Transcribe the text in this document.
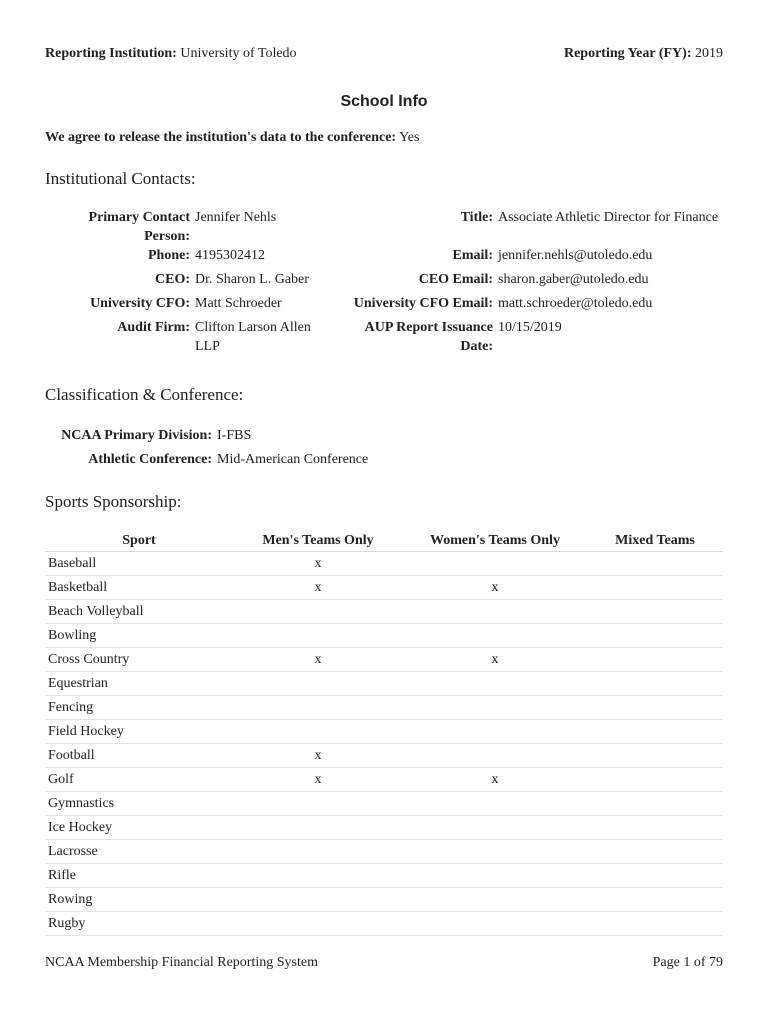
Reporting Institution: University of Toledo	Reporting Year (FY): 2019
School Info
We agree to release the institution's data to the conference: Yes
Institutional Contacts:
Primary Contact Person:
Jennifer Nehls	Title: Associate Athletic Director for Finance
Phone: 4195302412	Email: jennifer.nehls@utoledo.edu
CEO: Dr. Sharon L. Gaber	CEO Email: sharon.gaber@utoledo.edu
University CFO: Matt Schroeder	University CFO Email: matt.schroeder@toledo.edu
Audit Firm: Clifton Larson Allen LLP
AUP Report Issuance Date:
10/15/2019
Classification & Conference:
NCAA Primary Division: I-FBS
Athletic Conference: Mid-American Conference
Sports Sponsorship:
Sport	Men's Teams Only	Women's Teams Only	Mixed Teams
Baseball	x		
Basketball	x	x	
Beach Volleyball			
Bowling			
Cross Country	x	x	
Equestrian			
Fencing			
Field Hockey			
Football	x		
Golf	x	x	
Gymnastics			
Ice Hockey			
Lacrosse			
Rifle			
Rowing			
Rugby			
NCAA Membership Financial Reporting System	Page 1 of 79
